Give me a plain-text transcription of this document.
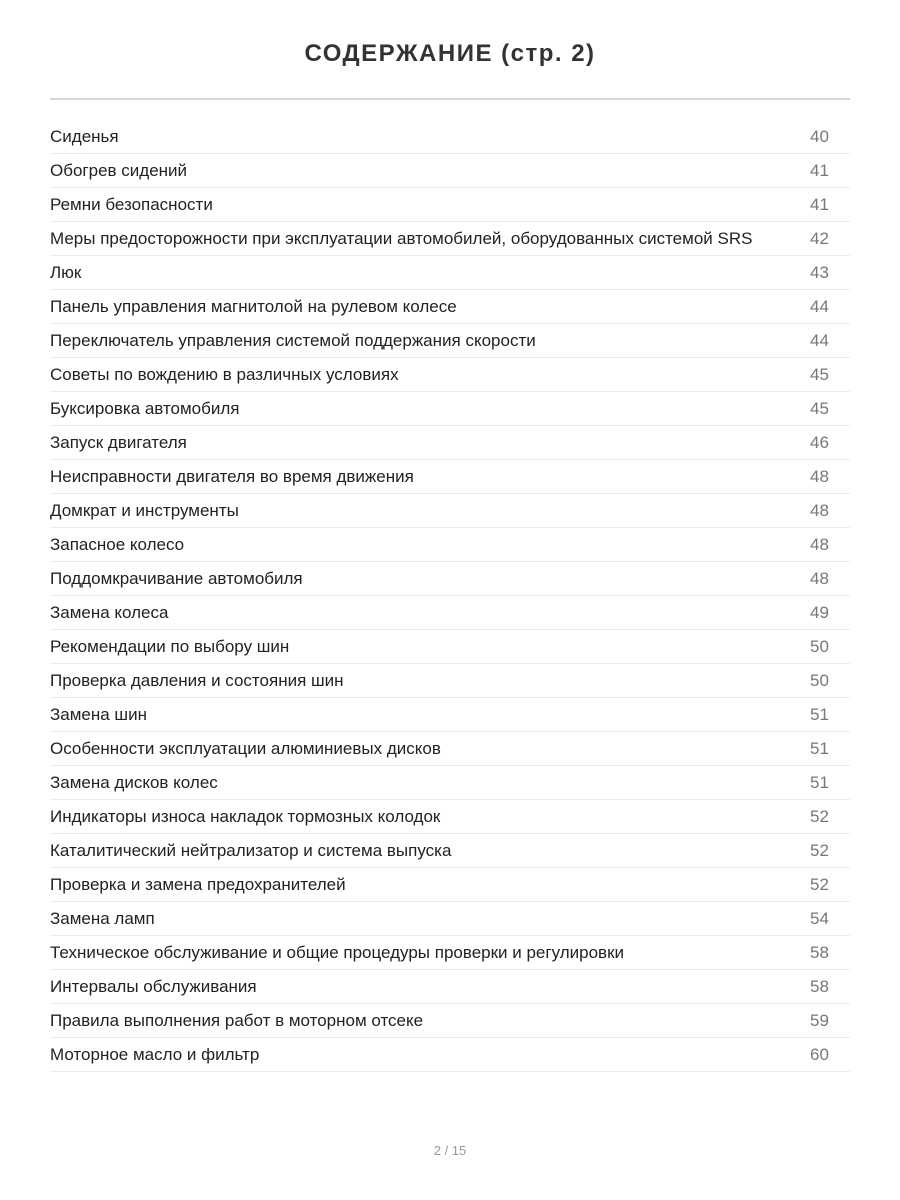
СОДЕРЖАНИЕ (стр. 2)
Сиденья	40
Обогрев сидений	41
Ремни безопасности	41
Меры предосторожности при эксплуатации автомобилей, оборудованных системой SRS	42
Люк	43
Панель управления магнитолой на рулевом колесе	44
Переключатель управления системой поддержания скорости	44
Советы по вождению в различных условиях	45
Буксировка автомобиля	45
Запуск двигателя	46
Неисправности двигателя во время движения	48
Домкрат и инструменты	48
Запасное колесо	48
Поддомкрачивание автомобиля	48
Замена колеса	49
Рекомендации по выбору шин	50
Проверка давления и состояния шин	50
Замена шин	51
Особенности эксплуатации алюминиевых дисков	51
Замена дисков колес	51
Индикаторы износа накладок тормозных колодок	52
Каталитический нейтрализатор и система выпуска	52
Проверка и замена предохранителей	52
Замена ламп	54
Техническое обслуживание и общие процедуры проверки и регулировки	58
Интервалы обслуживания	58
Правила выполнения работ в моторном отсеке	59
Моторное масло и фильтр	60
2 / 15
